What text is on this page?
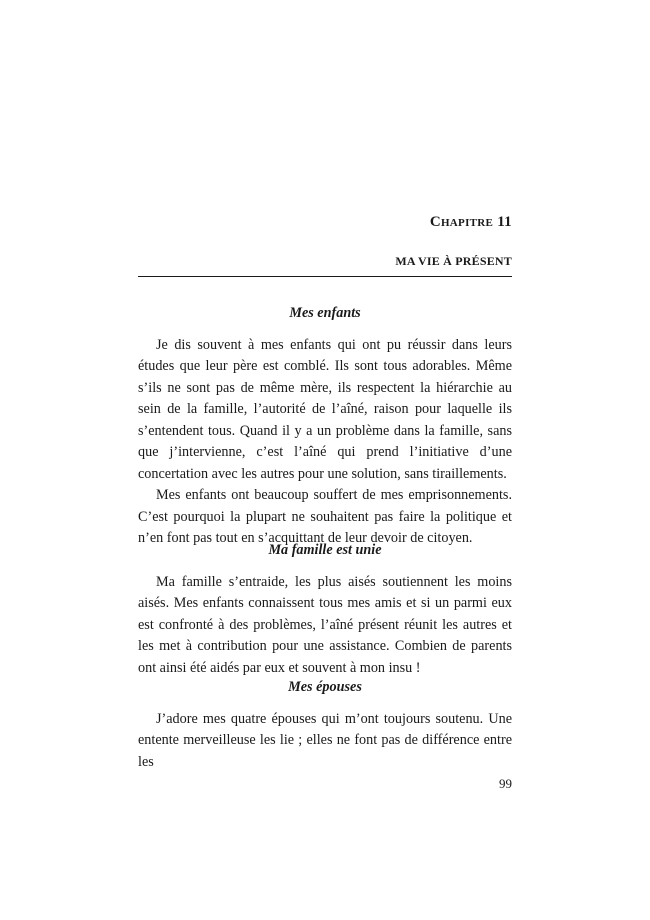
Chapitre 11
MA VIE À PRÉSENT

Mes enfants

Je dis souvent à mes enfants qui ont pu réussir dans leurs études que leur père est comblé. Ils sont tous adorables. Même s’ils ne sont pas de même mère, ils respectent la hiérarchie au sein de la famille, l’autorité de l’aîné, raison pour laquelle ils s’entendent tous. Quand il y a un problème dans la famille, sans que j’intervienne, c’est l’aîné qui prend l’initiative d’une concertation avec les autres pour une solution, sans tiraillements.

Mes enfants ont beaucoup souffert de mes emprisonnements. C’est pourquoi la plupart ne souhaitent pas faire la politique et n’en font pas tout en s’acquittant de leur devoir de citoyen.

Ma famille est unie

Ma famille s’entraide, les plus aisés soutiennent les moins aisés. Mes enfants connaissent tous mes amis et si un parmi eux est confronté à des problèmes, l’aîné présent réunit les autres et les met à contribution pour une assistance. Combien de parents ont ainsi été aidés par eux et souvent à mon insu !

Mes épouses

J’adore mes quatre épouses qui m’ont toujours soutenu. Une entente merveilleuse les lie ; elles ne font pas de différence entre les

99
